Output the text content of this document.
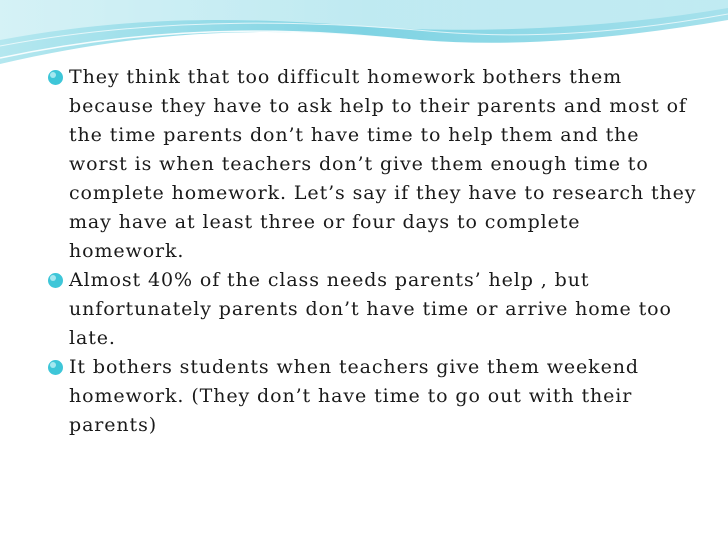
They think that too difficult homework bothers them because they have to ask help to their parents and most of the time parents don’t have time to help them and the worst is when teachers don’t give them enough time to complete homework. Let’s say if they have to research they may have at least three or four days to complete homework.
Almost 40% of the class needs parents’ help , but unfortunately parents don’t have time or arrive home too late.
It bothers students when teachers give them weekend homework. (They don’t have time to go out with their parents)
